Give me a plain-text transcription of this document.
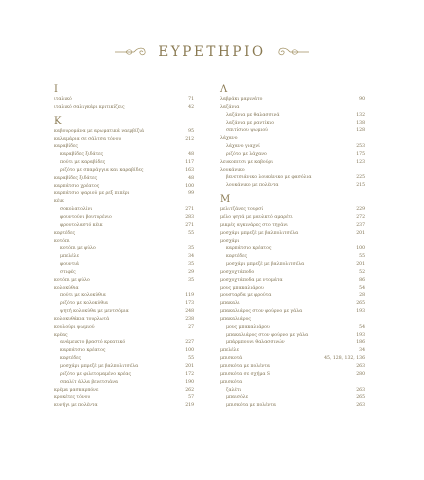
ΕΥΡΕΤΗΡΙΟ
Ι
ιταλικό	71
ιταλικό σαλιγκάρι κριτικίζεις	42
Κ
καβουρομάνα με αρωματικά ναερβίζιά	95
καλαμάρια σε σάλτσα τόνου	212
καραβίδες
καραβίδες ξιδάτες	48
πούτι με καραβίδες	117
ριζότο με σπαράγγια και καραβίδες	163
καραβίδες ξιδάτες	48
καρπάτσιο χρέατος	100
καρπάτσιο ψαριού με ρεξ πιπέρι	99
κέικ
σοκολατολίνι	271
φουντούνι βουτυρένιο	283
φρουτολαστό κέικ	271
κεφτέδες	55
κοτόπι
κοτόπι με φύλο	35
μπελέλε	34
φουντιά	35
στιφές	29
κοτόπι με φύλο	35
κολοκύθια
πούτι με κολοκύθια	119
ριζότο με κολοκύθια	173
ψητή κολοκύθα με μεντσόμια	248
κολοκυθάκια τουρλωτά	238
κουλούρι ψωμιού	27
κρέας
ανάμεικτο βραστό κρεατικό	227
καρπάτσιο κρέατος	100
κεφτέδες	55
μοσχάρι μπρεζέ με βαλπολιτσέλα	201
ριζότο με φιλετομαμένο κρέας	172
σπαλίτ άλλα βενετσιάνα	190
κρέμα μασκαρπόνε	262
κροκέτες τόνου	57
κυνήγι με πολέντα	219
Λ
λαβράκι μαρινάτο	90
λαζάνια
λαζάνια με θαλασσινά	132
λαζάνια με ραντίκιο	138
σπιτίσιου ψωμιού	128
λάχανο
λάχανο γιαχνί	253
ριζότο με λάχανο	175
λευκοπιτσι με καβούρι	123
λουκάνικο
βενετσιάνικο λουκάνικο με φασόλια	225
λουκάνικο με πολέντα	215
Μ
μελιτζάνες τουρσί	229
μέλο ψητά με μαυλκτό αμαρέτι	272
μικρές αγκινάρες στο τηγάνι	237
μοσχάρι μπρεζέ με βαλπολιτσέλα	201
μοσχάρι
καρπάτσιο κρέατος	100
κεφτέδες	55
μοσχάρι μπρεζέ με βαλπολιτσέλα	201
μοσχοχτάποδο	52
μοσχοχτάποδα με ντομάτα	86
μους μπακαλιάρου	54
μουσταρδα με φρούτα	28
μπακαλι	265
μπακαλιάρος στον φούρνο με γάλα	193
μπακαλιάρος
μους μπακαλιάρου	54
μπακαλιάρος στον φούρνο με γάλα	193
μπάρμπουνι θαλασσινών	186
μπελέλε	34
μπισκοτά	45, 128, 132, 136
μπισκότα με πολέντα	263
μπισκότα σε σχήμα S	280
μπισκότα
ζαλέτι	263
μπαισόλε	265
μπισκότα με πολέντα	263
